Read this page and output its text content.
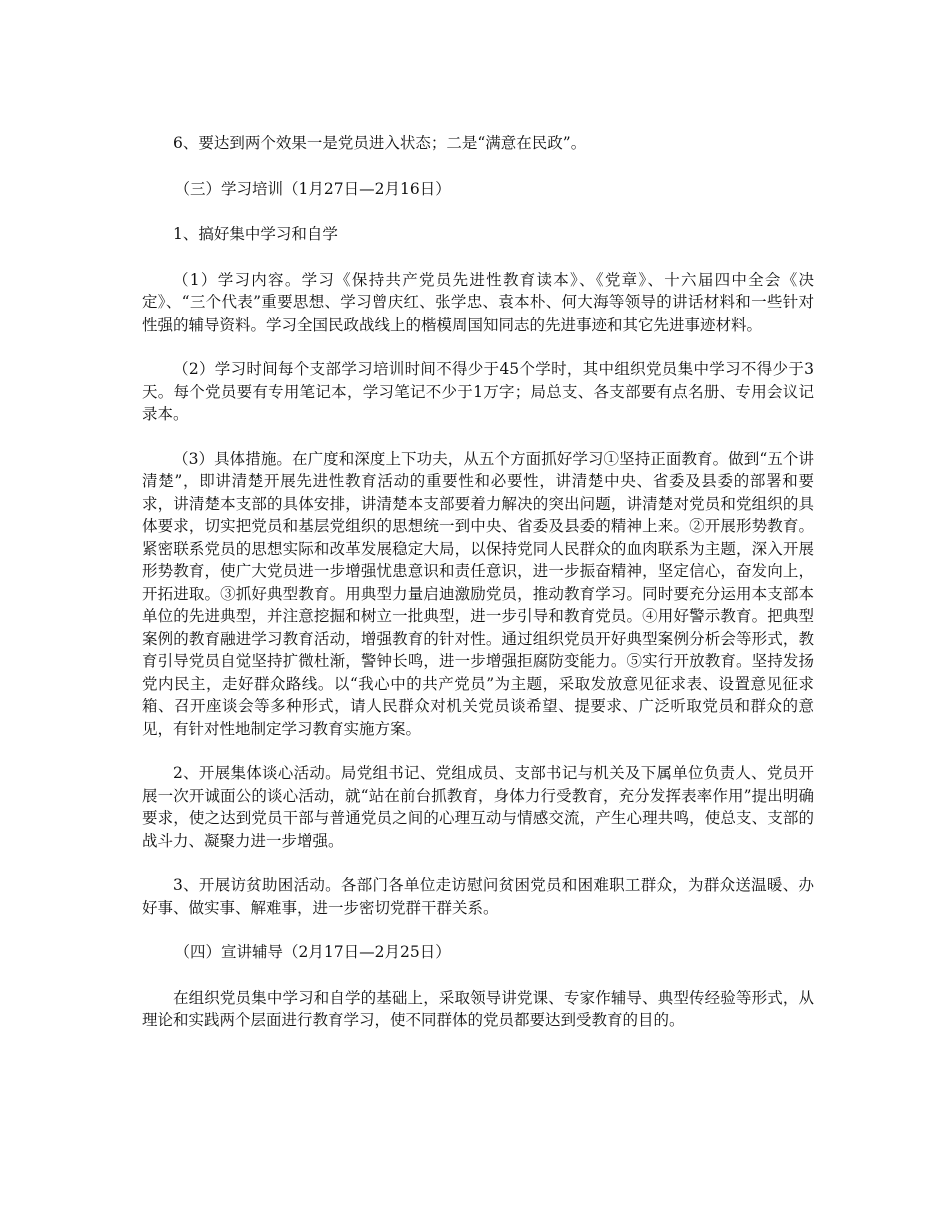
6、要达到两个效果一是党员进入状态；二是“满意在民政”。

（三）学习培训（1月27日—2月16日）

1、搞好集中学习和自学

（1）学习内容。学习《保持共产党员先进性教育读本》、《党章》、十六届四中全会《决定》、“三个代表”重要思想、学习曾庆红、张学忠、袁本朴、何大海等领导的讲话材料和一些针对性强的辅导资料。学习全国民政战线上的楷模周国知同志的先进事迹和其它先进事迹材料。

（2）学习时间每个支部学习培训时间不得少于45个学时，其中组织党员集中学习不得少于3天。每个党员要有专用笔记本，学习笔记不少于1万字；局总支、各支部要有点名册、专用会议记录本。

（3）具体措施。在广度和深度上下功夫，从五个方面抓好学习①坚持正面教育。做到“五个讲清楚”，即讲清楚开展先进性教育活动的重要性和必要性，讲清楚中央、省委及县委的部署和要求，讲清楚本支部的具体安排，讲清楚本支部要着力解决的突出问题，讲清楚对党员和党组织的具体要求，切实把党员和基层党组织的思想统一到中央、省委及县委的精神上来。②开展形势教育。紧密联系党员的思想实际和改革发展稳定大局，以保持党同人民群众的血肉联系为主题，深入开展形势教育，使广大党员进一步增强忧患意识和责任意识，进一步振奋精神，坚定信心，奋发向上，开拓进取。③抓好典型教育。用典型力量启迪激励党员，推动教育学习。同时要充分运用本支部本单位的先进典型，并注意挖掘和树立一批典型，进一步引导和教育党员。④用好警示教育。把典型案例的教育融进学习教育活动，增强教育的针对性。通过组织党员开好典型案例分析会等形式，教育引导党员自觉坚持扩微杜渐，警钟长鸣，进一步增强拒腐防变能力。⑤实行开放教育。坚持发扬党内民主，走好群众路线。以“我心中的共产党员”为主题，采取发放意见征求表、设置意见征求箱、召开座谈会等多种形式，请人民群众对机关党员谈希望、提要求、广泛听取党员和群众的意见，有针对性地制定学习教育实施方案。

2、开展集体谈心活动。局党组书记、党组成员、支部书记与机关及下属单位负责人、党员开展一次开诚面公的谈心活动，就“站在前台抓教育，身体力行受教育，充分发挥表率作用”提出明确要求，使之达到党员干部与普通党员之间的心理互动与情感交流，产生心理共鸣，使总支、支部的战斗力、凝聚力进一步增强。

3、开展访贫助困活动。各部门各单位走访慰问贫困党员和困难职工群众，为群众送温暖、办好事、做实事、解难事，进一步密切党群干群关系。

（四）宣讲辅导（2月17日—2月25日）

在组织党员集中学习和自学的基础上，采取领导讲党课、专家作辅导、典型传经验等形式，从理论和实践两个层面进行教育学习，使不同群体的党员都要达到受教育的目的。
